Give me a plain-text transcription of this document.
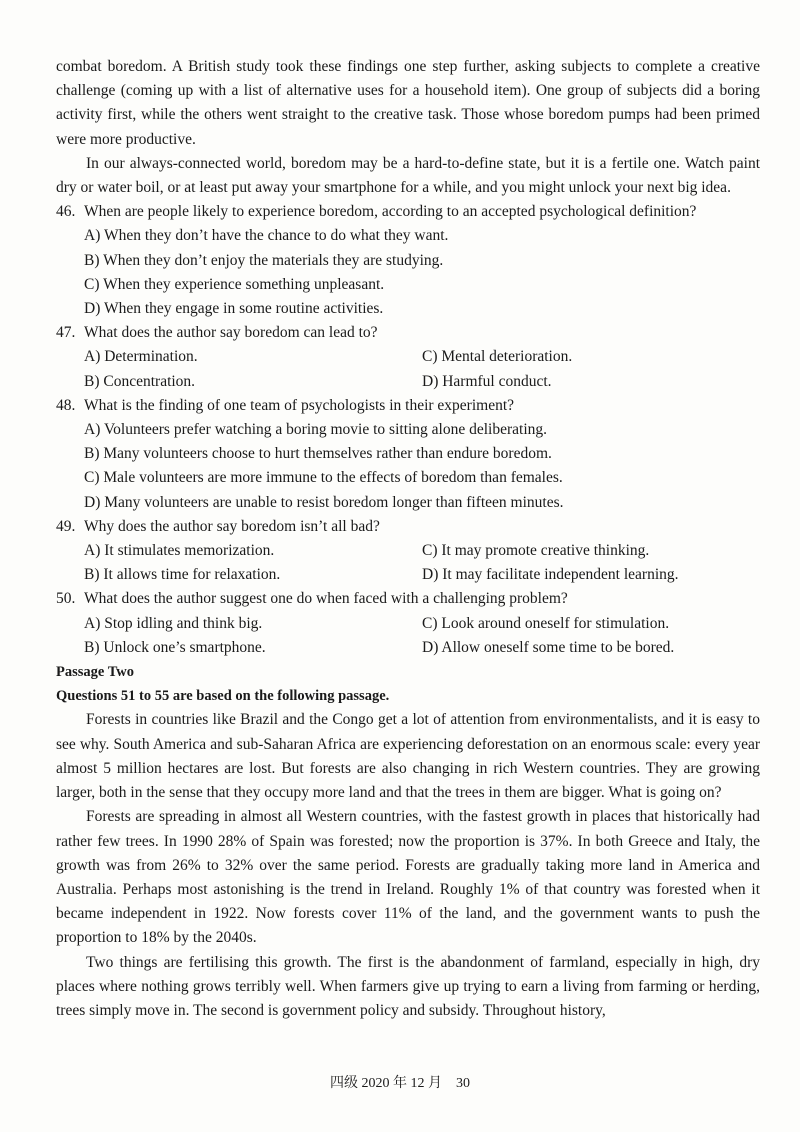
combat boredom. A British study took these findings one step further, asking subjects to complete a creative challenge (coming up with a list of alternative uses for a household item). One group of subjects did a boring activity first, while the others went straight to the creative task. Those whose boredom pumps had been primed were more productive.

In our always-connected world, boredom may be a hard-to-define state, but it is a fertile one. Watch paint dry or water boil, or at least put away your smartphone for a while, and you might unlock your next big idea.

46. When are people likely to experience boredom, according to an accepted psychological definition?
A) When they don’t have the chance to do what they want.
B) When they don’t enjoy the materials they are studying.
C) When they experience something unpleasant.
D) When they engage in some routine activities.
47. What does the author say boredom can lead to?
A) Determination.	C) Mental deterioration.
B) Concentration.	D) Harmful conduct.
48. What is the finding of one team of psychologists in their experiment?
A) Volunteers prefer watching a boring movie to sitting alone deliberating.
B) Many volunteers choose to hurt themselves rather than endure boredom.
C) Male volunteers are more immune to the effects of boredom than females.
D) Many volunteers are unable to resist boredom longer than fifteen minutes.
49. Why does the author say boredom isn’t all bad?
A) It stimulates memorization.	C) It may promote creative thinking.
B) It allows time for relaxation.	D) It may facilitate independent learning.
50. What does the author suggest one do when faced with a challenging problem?
A) Stop idling and think big.	C) Look around oneself for stimulation.
B) Unlock one’s smartphone.	D) Allow oneself some time to be bored.
Passage Two
Questions 51 to 55 are based on the following passage.

Forests in countries like Brazil and the Congo get a lot of attention from environmentalists, and it is easy to see why. South America and sub-Saharan Africa are experiencing deforestation on an enormous scale: every year almost 5 million hectares are lost. But forests are also changing in rich Western countries. They are growing larger, both in the sense that they occupy more land and that the trees in them are bigger. What is going on?

Forests are spreading in almost all Western countries, with the fastest growth in places that historically had rather few trees. In 1990 28% of Spain was forested; now the proportion is 37%. In both Greece and Italy, the growth was from 26% to 32% over the same period. Forests are gradually taking more land in America and Australia. Perhaps most astonishing is the trend in Ireland. Roughly 1% of that country was forested when it became independent in 1922. Now forests cover 11% of the land, and the government wants to push the proportion to 18% by the 2040s.

Two things are fertilising this growth. The first is the abandonment of farmland, especially in high, dry places where nothing grows terribly well. When farmers give up trying to earn a living from farming or herding, trees simply move in. The second is government policy and subsidy. Throughout history,

四级 2020 年 12 月　30
